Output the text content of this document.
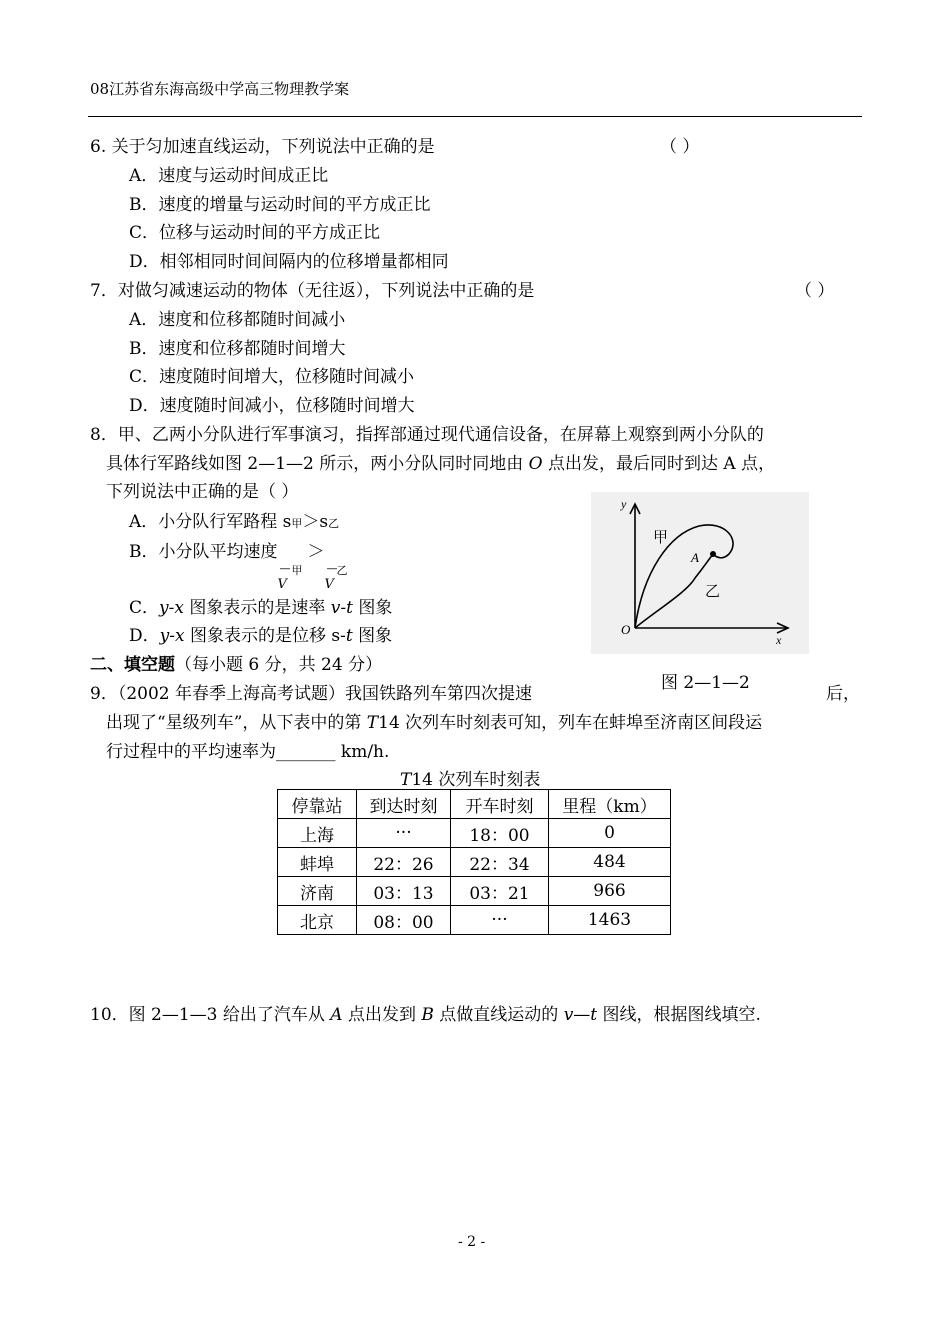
08江苏省东海高级中学高三物理教学案
6. 关于匀加速直线运动，下列说法中正确的是	（ ）
A．速度与运动时间成正比
B．速度的增量与运动时间的平方成正比
C．位移与运动时间的平方成正比
D．相邻相同时间间隔内的位移增量都相同
7．对做匀减速运动的物体（无往返），下列说法中正确的是	（ ）
A．速度和位移都随时间减小
B．速度和位移都随时间增大
C．速度随时间增大，位移随时间减小
D．速度随时间减小，位移随时间增大
8．甲、乙两小分队进行军事演习，指挥部通过现代通信设备，在屏幕上观察到两小分队的
具体行军路线如图 2—1—2 所示，两小分队同时同地由 O 点出发，最后同时到达 A 点，
下列说法中正确的是（ ）
A．小分队行军路程 s甲＞s乙
B．小分队平均速度
— 甲
V
＞
— 乙
V
C．y-x 图象表示的是速率 v-t 图象
D．y-x 图象表示的是位移 s-t 图象
y
x
O
A
甲
乙
图 2—1—2
二、填空题（每小题 6 分，共 24 分）
9．（2002 年春季上海高考试题）我国铁路列车第四次提速	后，
出现了“星级列车”，从下表中的第 T14 次列车时刻表可知，列车在蚌埠至济南区间段运
行过程中的平均速率为_______ km/h.
T14 次列车时刻表
停靠站	到达时刻	开车时刻	里程（km）
上海	···	18：00	0
蚌埠	22：26	22：34	484
济南	03：13	03：21	966
北京	08：00	···	1463
10．图 2—1—3 给出了汽车从 A 点出发到 B 点做直线运动的 v—t 图线，根据图线填空.
- 2 -
